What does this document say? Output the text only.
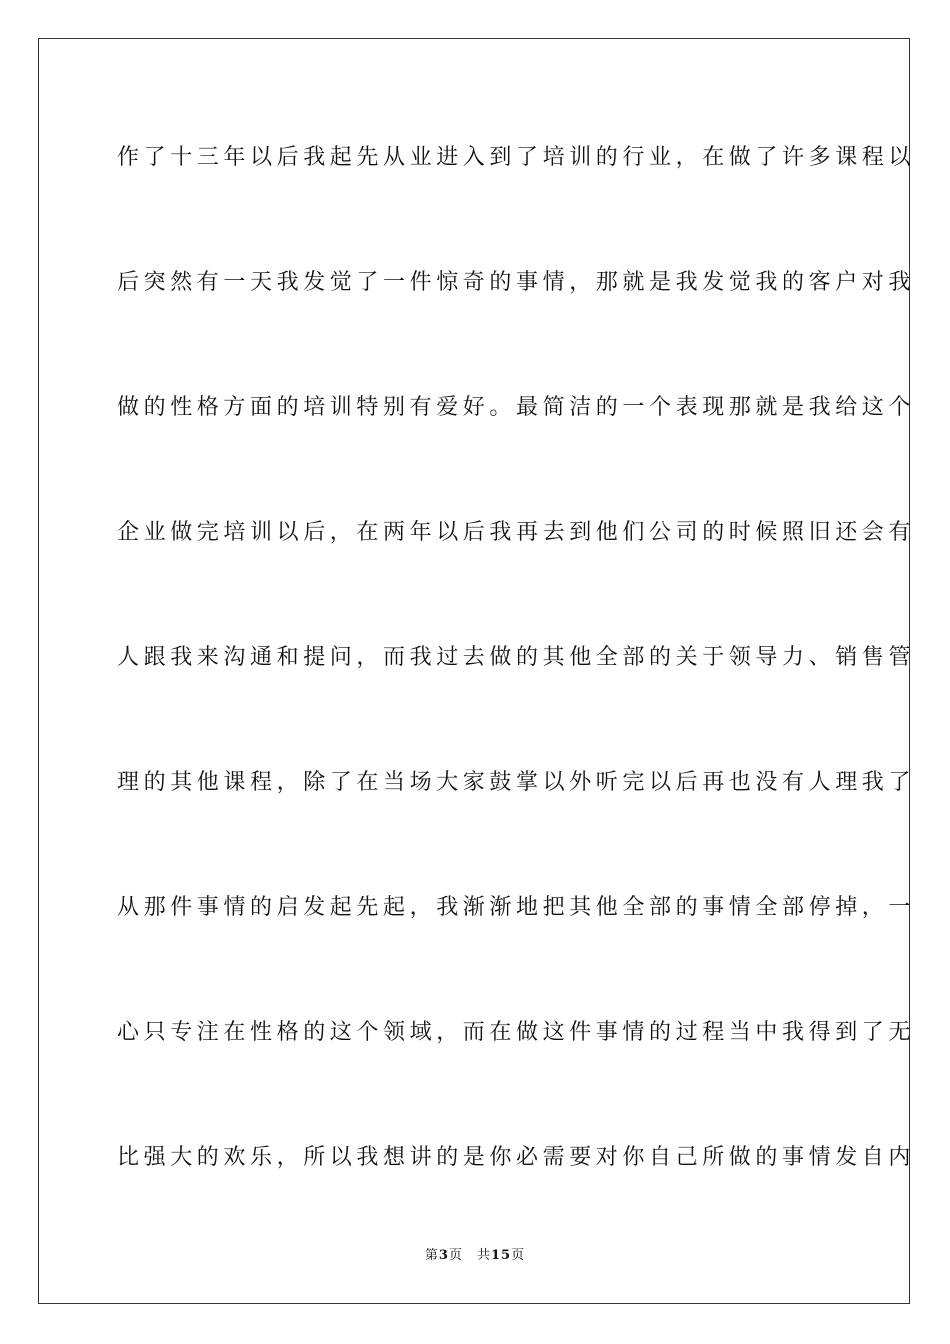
作了十三年以后我起先从业进入到了培训的行业，在做了许多课程以
后突然有一天我发觉了一件惊奇的事情，那就是我发觉我的客户对我
做的性格方面的培训特别有爱好。最简洁的一个表现那就是我给这个
企业做完培训以后，在两年以后我再去到他们公司的时候照旧还会有
人跟我来沟通和提问，而我过去做的其他全部的关于领导力、销售管
理的其他课程，除了在当场大家鼓掌以外听完以后再也没有人理我了
从那件事情的启发起先起，我渐渐地把其他全部的事情全部停掉，一
心只专注在性格的这个领域，而在做这件事情的过程当中我得到了无
比强大的欢乐，所以我想讲的是你必需要对你自己所做的事情发自内
第3页 共15页
